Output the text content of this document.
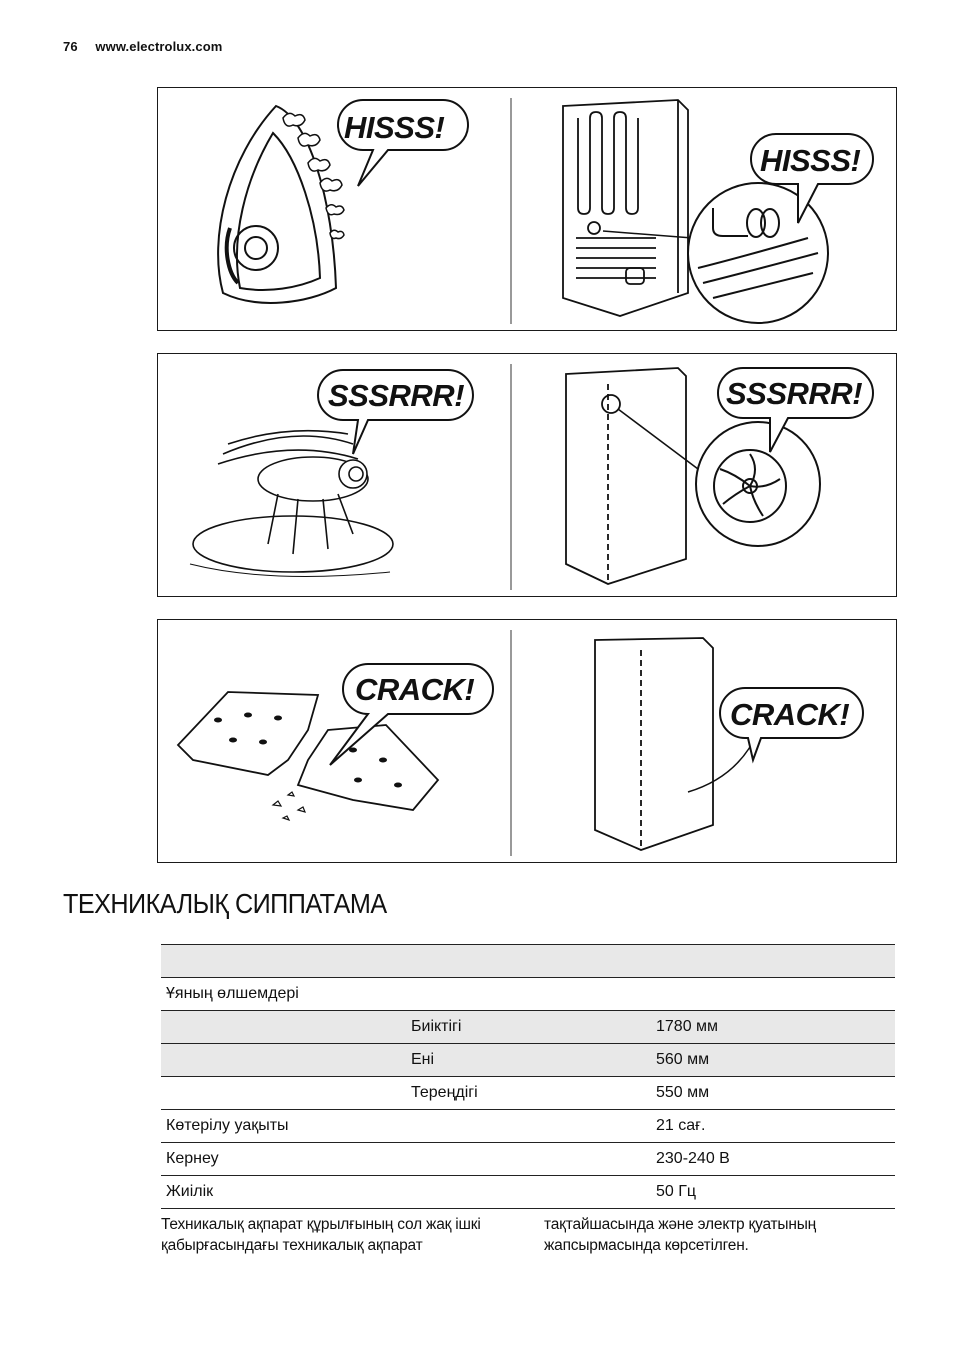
76 www.electrolux.com
HISSS!
HISSS!
SSSRRR!	SSSRRR!
CRACK!
CRACK!
ТЕХНИКАЛЫҚ СИППАТАМА

Ұяның өлшемдері		
	Биіктігі	1780 мм
	Ені	560 мм
	Тереңдігі	550 мм
Көтерілу уақыты		21 сағ.
Кернеу		230-240 В
Жиілік		50 Гц
Техникалық ақпарат құрылғының сол жақ ішкі қабырғасындағы техникалық ақпарат
тақтайшасында және электр қуатының жапсырмасында көрсетілген.
